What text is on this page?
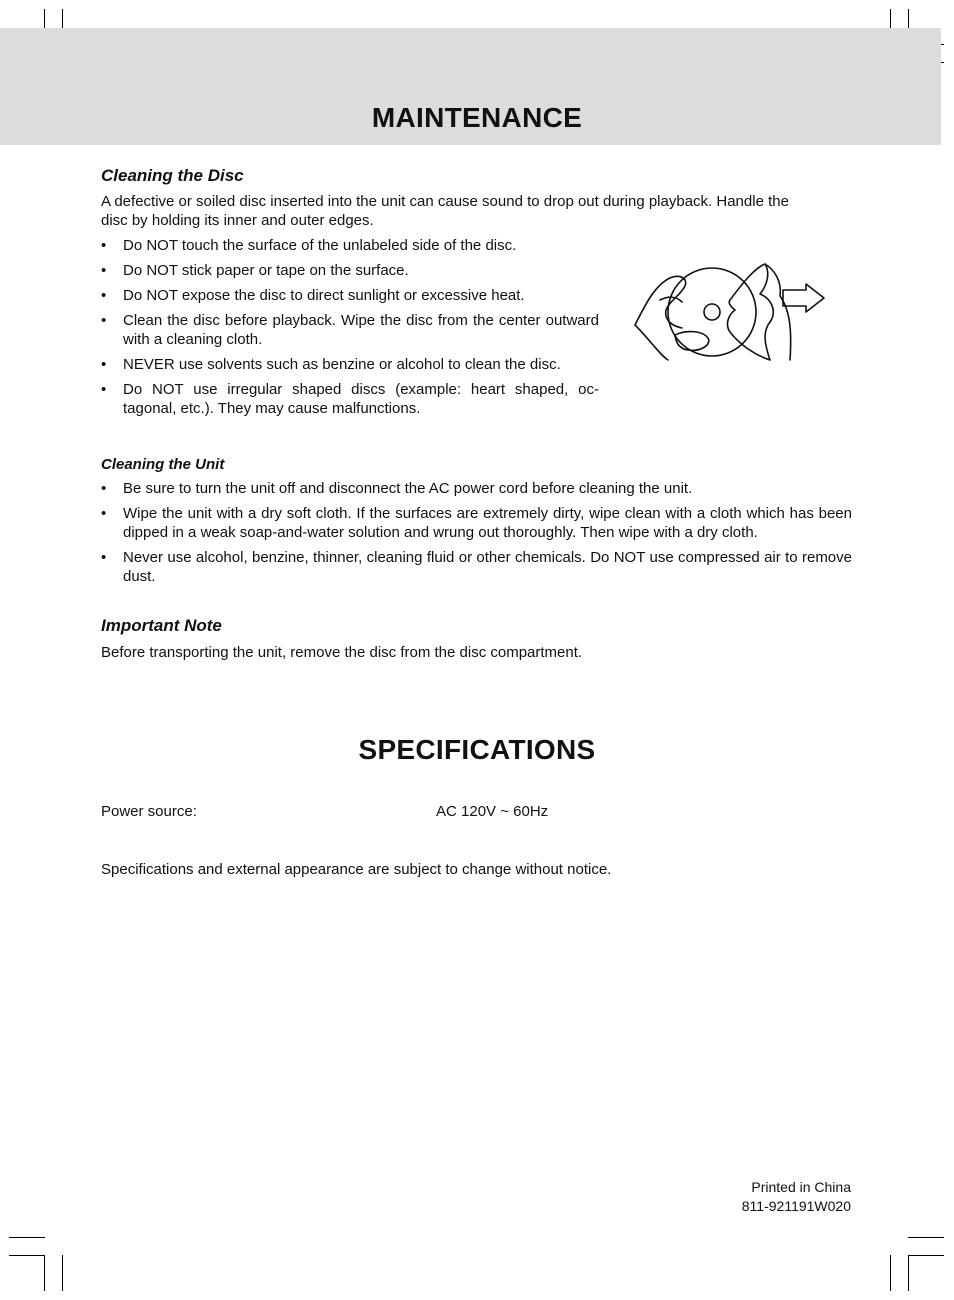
MAINTENANCE
Cleaning the Disc

A defective or soiled disc inserted into the unit can cause sound to drop out during playback. Handle the disc by holding its inner and outer edges.

• Do NOT touch the surface of the unlabeled side of the disc.
• Do NOT stick paper or tape on the surface.
• Do NOT expose the disc to direct sunlight or excessive heat.
• Clean the disc before playback. Wipe the disc from the center outward with a cleaning cloth.
• NEVER use solvents such as benzine or alcohol to clean the disc.
• Do NOT use irregular shaped discs (example: heart shaped, oc-tagonal, etc.). They may cause malfunctions.
Cleaning the Unit
• Be sure to turn the unit off and disconnect the AC power cord before cleaning the unit.
• Wipe the unit with a dry soft cloth. If the surfaces are extremely dirty, wipe clean with a cloth which has been dipped in a weak soap-and-water solution and wrung out thoroughly. Then wipe with a dry cloth.
• Never use alcohol, benzine, thinner, cleaning fluid or other chemicals. Do NOT use compressed air to remove dust.
Important Note

Before transporting the unit, remove the disc from the disc compartment.

SPECIFICATIONS
Power source:	AC 120V ~ 60Hz

Specifications and external appearance are subject to change without notice.

Printed in China
811-921191W020
